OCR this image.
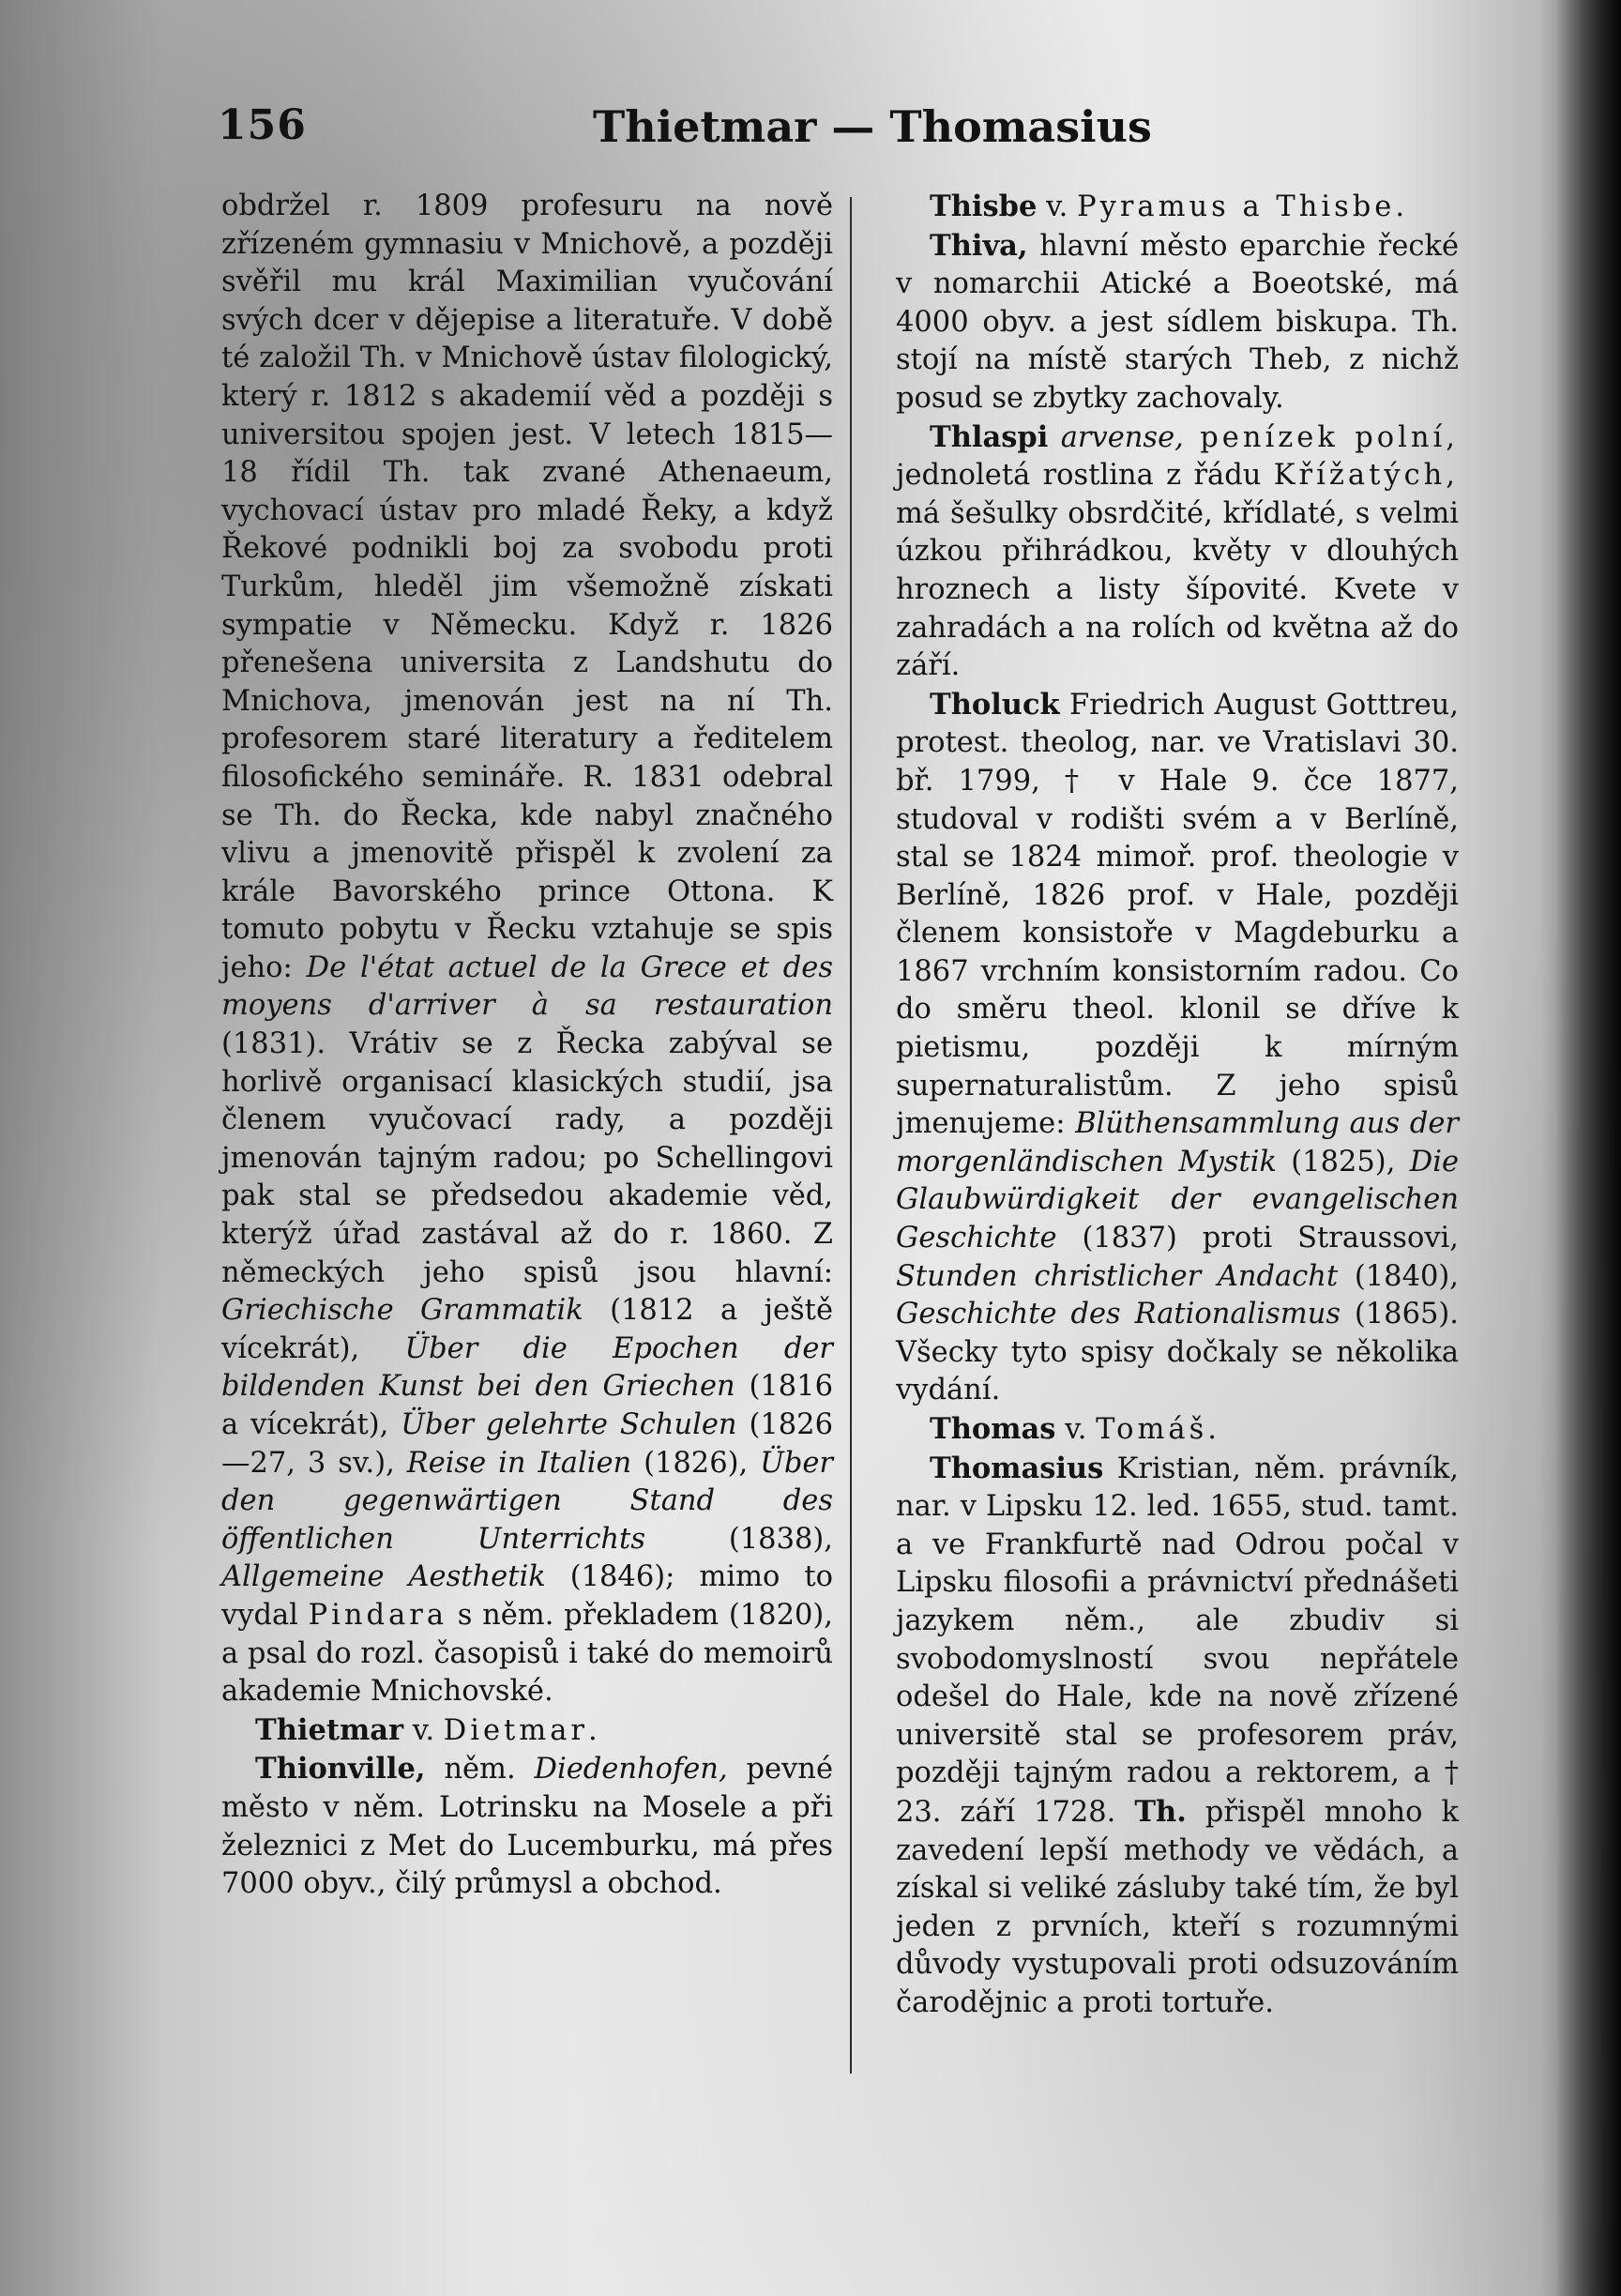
156	Thietmar — Thomasius

obdržel r. 1809 profesuru na nově zřízeném gymnasiu v Mnichově, a později svěřil mu král Maximilian vyučování svých dcer v dějepise a literatuře. V době té založil Th. v Mnichově ústav filologický, který r. 1812 s akademií věd a později s universitou spojen jest. V letech 1815—18 řídil Th. tak zvané Athenaeum, vychovací ústav pro mladé Řeky, a když Řekové podnikli boj za svobodu proti Turkům, hleděl jim všemožně získati sympatie v Německu. Když r. 1826 přenešena universita z Landshutu do Mnichova, jmenován jest na ní Th. profesorem staré literatury a ředitelem filosofického semináře. R. 1831 odebral se Th. do Řecka, kde nabyl značného vlivu a jmenovitě přispěl k zvolení za krále Bavorského prince Ottona. K tomuto pobytu v Řecku vztahuje se spis jeho: De l'état actuel de la Grece et des moyens d'arriver à sa restauration (1831). Vrátiv se z Řecka zabýval se horlivě organisací klasických studií, jsa členem vyučovací rady, a později jmenován tajným radou; po Schellingovi pak stal se předsedou akademie věd, kterýž úřad zastával až do r. 1860. Z německých jeho spisů jsou hlavní: Griechische Grammatik (1812 a ještě vícekrát), Über die Epochen der bildenden Kunst bei den Griechen (1816 a vícekrát), Über gelehrte Schulen (1826—27, 3 sv.), Reise in Italien (1826), Über den gegenwärtigen Stand des öffentlichen Unterrichts (1838), Allgemeine Aesthetik (1846); mimo to vydal Pindara s něm. překladem (1820), a psal do rozl. časopisů i také do memoirů akademie Mnichovské.

Thietmar v. Dietmar.

Thionville, něm. Diedenhofen, pevné město v něm. Lotrinsku na Mosele a při železnici z Met do Lucemburku, má přes 7000 obyv., čilý průmysl a obchod.

Thisbe v. Pyramus a Thisbe.

Thiva, hlavní město eparchie řecké v nomarchii Atické a Boeotské, má 4000 obyv. a jest sídlem biskupa. Th. stojí na místě starých Theb, z nichž posud se zbytky zachovaly.

Thlaspi arvense, penízek polní, jednoletá rostlina z řádu Křížatých, má šešulky obsrdčité, křídlaté, s velmi úzkou přihrádkou, květy v dlouhých hroznech a listy šípovité. Kvete v zahradách a na rolích od května až do září.

Tholuck Friedrich August Gotttreu, protest. theolog, nar. ve Vratislavi 30. bř. 1799, † v Hale 9. čce 1877, studoval v rodišti svém a v Berlíně, stal se 1824 mimoř. prof. theologie v Berlíně, 1826 prof. v Hale, později členem konsistoře v Magdeburku a 1867 vrchním konsistorním radou. Co do směru theol. klonil se dříve k pietismu, později k mírným supernaturalistům. Z jeho spisů jmenujeme: Blüthensammlung aus der morgenländischen Mystik (1825), Die Glaubwürdigkeit der evangelischen Geschichte (1837) proti Straussovi, Stunden christlicher Andacht (1840), Geschichte des Rationalismus (1865). Všecky tyto spisy dočkaly se několika vydání.

Thomas v. Tomáš.

Thomasius Kristian, něm. právník, nar. v Lipsku 12. led. 1655, stud. tamt. a ve Frankfurtě nad Odrou počal v Lipsku filosofii a právnictví přednášeti jazykem něm., ale zbudiv si svobodomyslností svou nepřátele odešel do Hale, kde na nově zřízené universitě stal se profesorem práv, později tajným radou a rektorem, a † 23. září 1728. Th. přispěl mnoho k zavedení lepší methody ve vědách, a získal si veliké zásluby také tím, že byl jeden z prvních, kteří s rozumnými důvody vystupovali proti odsuzováním čarodějnic a proti tortuře.
